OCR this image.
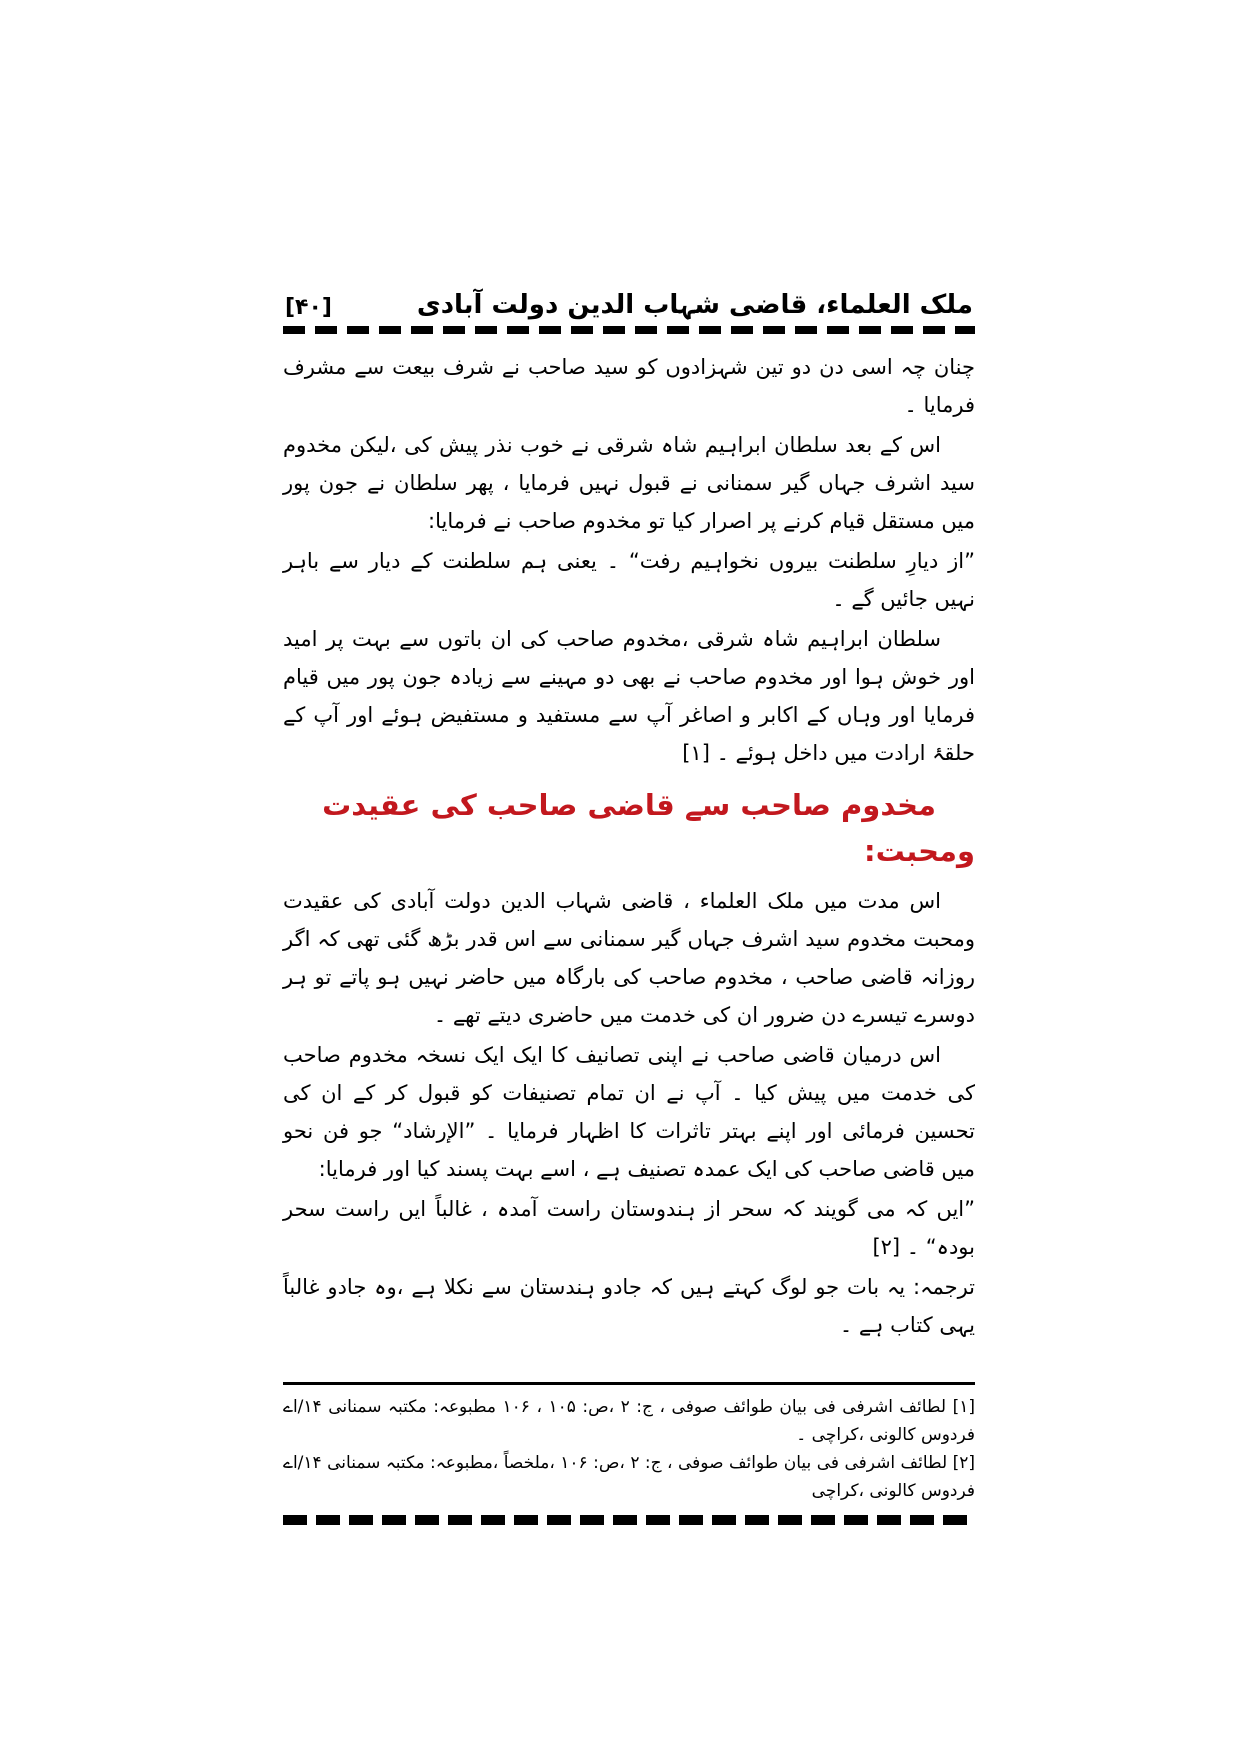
ملک العلماء، قاضی شہاب الدین دولت آبادی
[۴۰]

چنان چہ اسی دن دو تین شہزادوں کو سید صاحب نے شرف بیعت سے مشرف فرمایا ۔

اس کے بعد سلطان ابراہیم شاہ شرقی نے خوب نذر پیش کی ،لیکن مخدوم سید اشرف جہاں گیر سمنانی نے قبول نہیں فرمایا ، پھر سلطان نے جون پور میں مستقل قیام کرنے پر اصرار کیا تو مخدوم صاحب نے فرمایا:

”از دیارِ سلطنت بیروں نخواہیم رفت“ ۔ یعنی ہم سلطنت کے دیار سے باہر نہیں جائیں گے ۔

سلطان ابراہیم شاہ شرقی ،مخدوم صاحب کی ان باتوں سے بہت پر امید اور خوش ہوا اور مخدوم صاحب نے بھی دو مہینے سے زیادہ جون پور میں قیام فرمایا اور وہاں کے اکابر و اصاغر آپ سے مستفید و مستفیض ہوئے اور آپ کے حلقۂ ارادت میں داخل ہوئے ۔ [۱]

مخدوم صاحب سے قاضی صاحب کی عقیدت ومحبت:

اس مدت میں ملک العلماء ، قاضی شہاب الدین دولت آبادی کی عقیدت ومحبت مخدوم سید اشرف جہاں گیر سمنانی سے اس قدر بڑھ گئی تھی کہ اگر روزانہ قاضی صاحب ، مخدوم صاحب کی بارگاہ میں حاضر نہیں ہو پاتے تو ہر دوسرے تیسرے دن ضرور ان کی خدمت میں حاضری دیتے تھے ۔

اس درمیان قاضی صاحب نے اپنی تصانیف کا ایک ایک نسخہ مخدوم صاحب کی خدمت میں پیش کیا ۔ آپ نے ان تمام تصنیفات کو قبول کر کے ان کی تحسین فرمائی اور اپنے بہتر تاثرات کا اظہار فرمایا ۔ ”الإرشاد“ جو فن نحو میں قاضی صاحب کی ایک عمدہ تصنیف ہے ، اسے بہت پسند کیا اور فرمایا:

”ایں کہ می گویند کہ سحر از ہندوستان راست آمدہ ، غالباً ایں راست سحر بودہ“ ۔ [۲]

ترجمہ: یہ بات جو لوگ کہتے ہیں کہ جادو ہندستان سے نکلا ہے ،وہ جادو غالباً یہی کتاب ہے ۔

[۱] لطائف اشرفی فی بیان طوائف صوفی ، ج: ۲ ،ص: ۱۰۵ ، ۱۰۶ مطبوعہ: مکتبہ سمنانی ۱۴/اے فردوس کالونی ،کراچی ۔

[۲] لطائف اشرفی فی بیان طوائف صوفی ، ج: ۲ ،ص: ۱۰۶ ،ملخصاً ،مطبوعہ: مکتبہ سمنانی ۱۴/اے فردوس کالونی ،کراچی
